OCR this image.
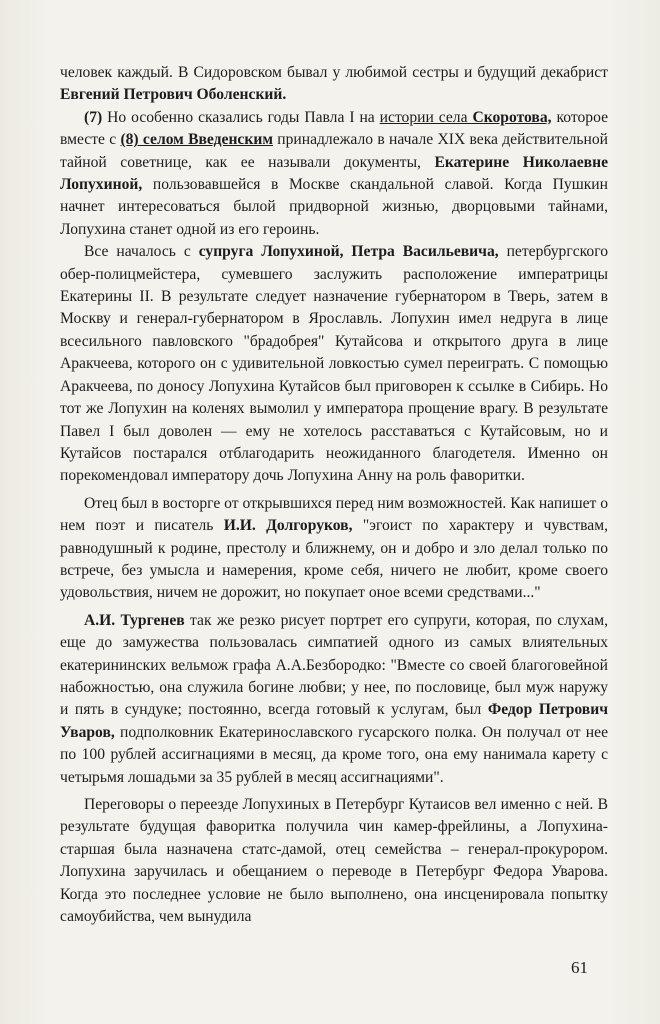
человек каждый. В Сидоровском бывал у любимой сестры и будущий декабрист Евгений Петрович Оболенский.

(7) Но особенно сказались годы Павла I на истории села Скоротова, которое вместе с (8) селом Введенским принадлежало в начале XIX века действительной тайной советнице, как ее называли документы, Екатерине Николаевне Лопухиной, пользовавшейся в Москве скандальной славой. Когда Пушкин начнет интересоваться былой придворной жизнью, дворцовыми тайнами, Лопухина станет одной из его героинь.

Все началось с супруга Лопухиной, Петра Васильевича, петербургского обер-полицмейстера, сумевшего заслужить расположение императрицы Екатерины II. В результате следует назначение губернатором в Тверь, затем в Москву и генерал-губернатором в Ярославль. Лопухин имел недруга в лице всесильного павловского "брадобрея" Кутайсова и открытого друга в лице Аракчеева, которого он с удивительной ловкостью сумел переиграть. С помощью Аракчеева, по доносу Лопухина Кутайсов был приговорен к ссылке в Сибирь. Но тот же Лопухин на коленях вымолил у императора прощение врагу. В результате Павел I был доволен — ему не хотелось расставаться с Кутайсовым, но и Кутайсов постарался отблагодарить неожиданного благодетеля. Именно он порекомендовал императору дочь Лопухина Анну на роль фаворитки.

Отец был в восторге от открывшихся перед ним возможностей. Как напишет о нем поэт и писатель И.И. Долгоруков, "эгоист по характеру и чувствам, равнодушный к родине, престолу и ближнему, он и добро и зло делал только по встрече, без умысла и намерения, кроме себя, ничего не любит, кроме своего удовольствия, ничем не дорожит, но покупает оное всеми средствами..."

А.И. Тургенев так же резко рисует портрет его супруги, которая, по слухам, еще до замужества пользовалась симпатией одного из самых влиятельных екатерининских вельмож графа А.А.Безбородко: "Вместе со своей благоговейной набожностью, она служила богине любви; у нее, по пословице, был муж наружу и пять в сундуке; постоянно, всегда готовый к услугам, был Федор Петрович Уваров, подполковник Екатеринославского гусарского полка. Он получал от нее по 100 рублей ассигнациями в месяц, да кроме того, она ему нанимала карету с четырьмя лошадьми за 35 рублей в месяц ассигнациями".

Переговоры о переезде Лопухиных в Петербург Кутаисов вел именно с ней. В результате будущая фаворитка получила чин камер-фрейлины, а Лопухина-старшая была назначена статс-дамой, отец семейства – генерал-прокурором. Лопухина заручилась и обещанием о переводе в Петербург Федора Уварова. Когда это последнее условие не было выполнено, она инсценировала попытку самоубийства, чем вынудила

61
